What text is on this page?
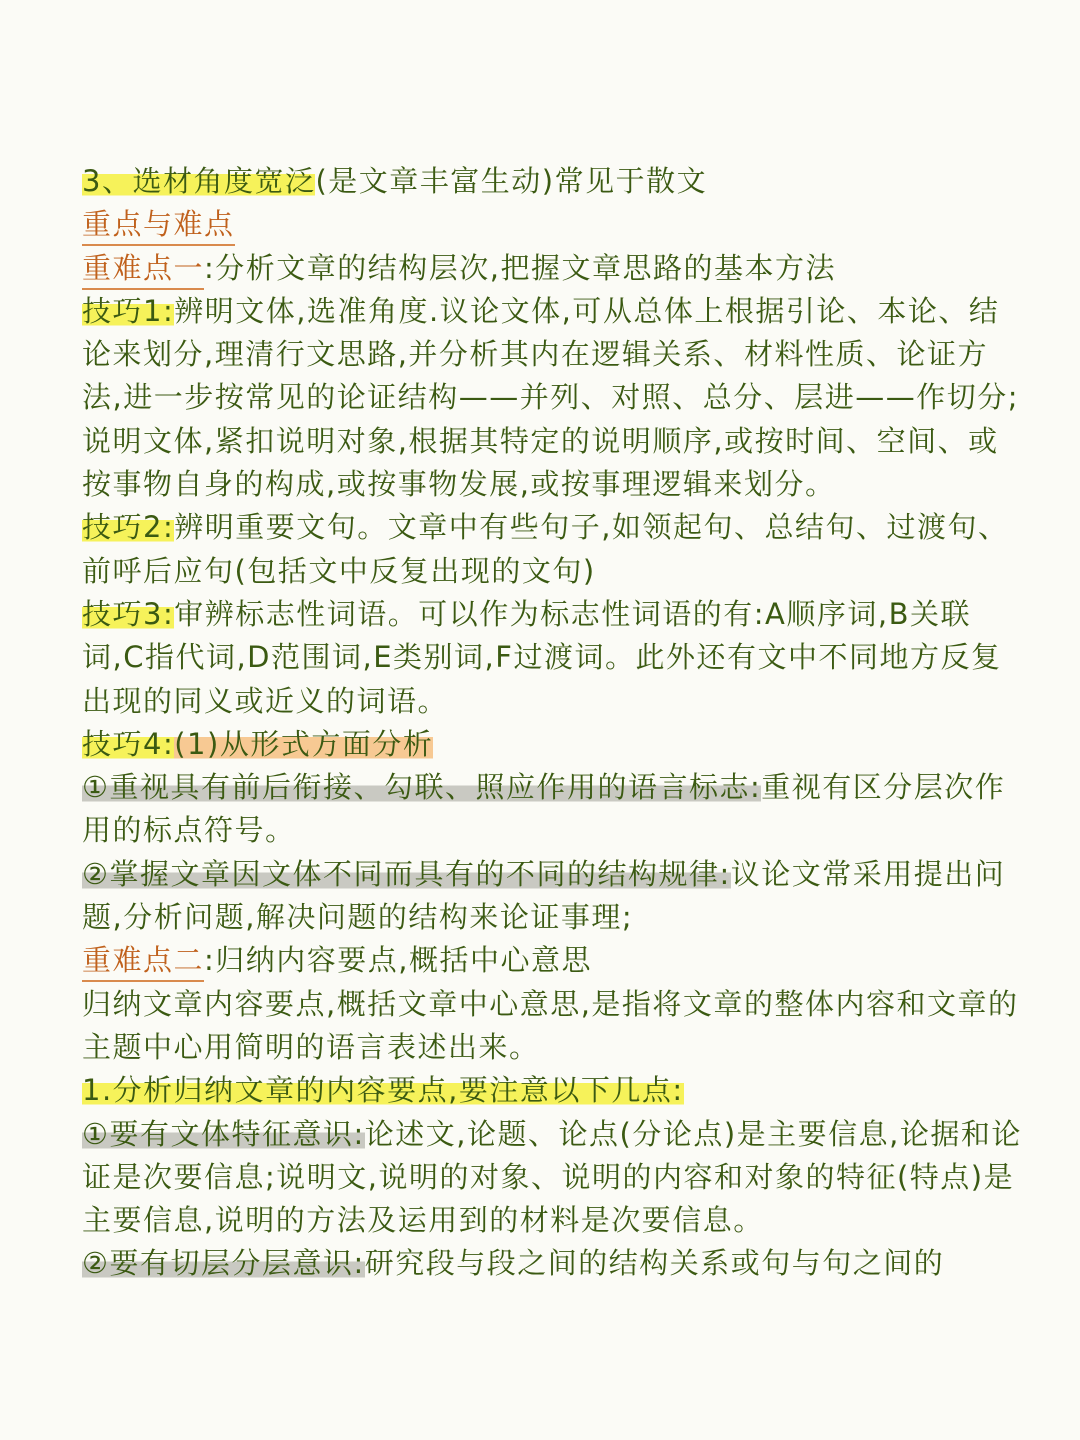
3、选材角度宽泛(是文章丰富生动)常见于散文

重点与难点

重难点一:分析文章的结构层次,把握文章思路的基本方法

技巧1:辨明文体,选准角度.议论文体,可从总体上根据引论、本论、结论来划分,理清行文思路,并分析其内在逻辑关系、材料性质、论证方法,进一步按常见的论证结构——并列、对照、总分、层进——作切分;说明文体,紧扣说明对象,根据其特定的说明顺序,或按时间、空间、或按事物自身的构成,或按事物发展,或按事理逻辑来划分。

技巧2:辨明重要文句。文章中有些句子,如领起句、总结句、过渡句、前呼后应句(包括文中反复出现的文句)

技巧3:审辨标志性词语。可以作为标志性词语的有:A顺序词,B关联词,C指代词,D范围词,E类别词,F过渡词。此外还有文中不同地方反复出现的同义或近义的词语。

技巧4:(1)从形式方面分析

①重视具有前后衔接、勾联、照应作用的语言标志:重视有区分层次作用的标点符号。

②掌握文章因文体不同而具有的不同的结构规律:议论文常采用提出问题,分析问题,解决问题的结构来论证事理;

重难点二:归纳内容要点,概括中心意思

归纳文章内容要点,概括文章中心意思,是指将文章的整体内容和文章的主题中心用简明的语言表述出来。

1.分析归纳文章的内容要点,要注意以下几点:

①要有文体特征意识:论述文,论题、论点(分论点)是主要信息,论据和论证是次要信息;说明文,说明的对象、说明的内容和对象的特征(特点)是主要信息,说明的方法及运用到的材料是次要信息。

②要有切层分层意识:研究段与段之间的结构关系或句与句之间的
